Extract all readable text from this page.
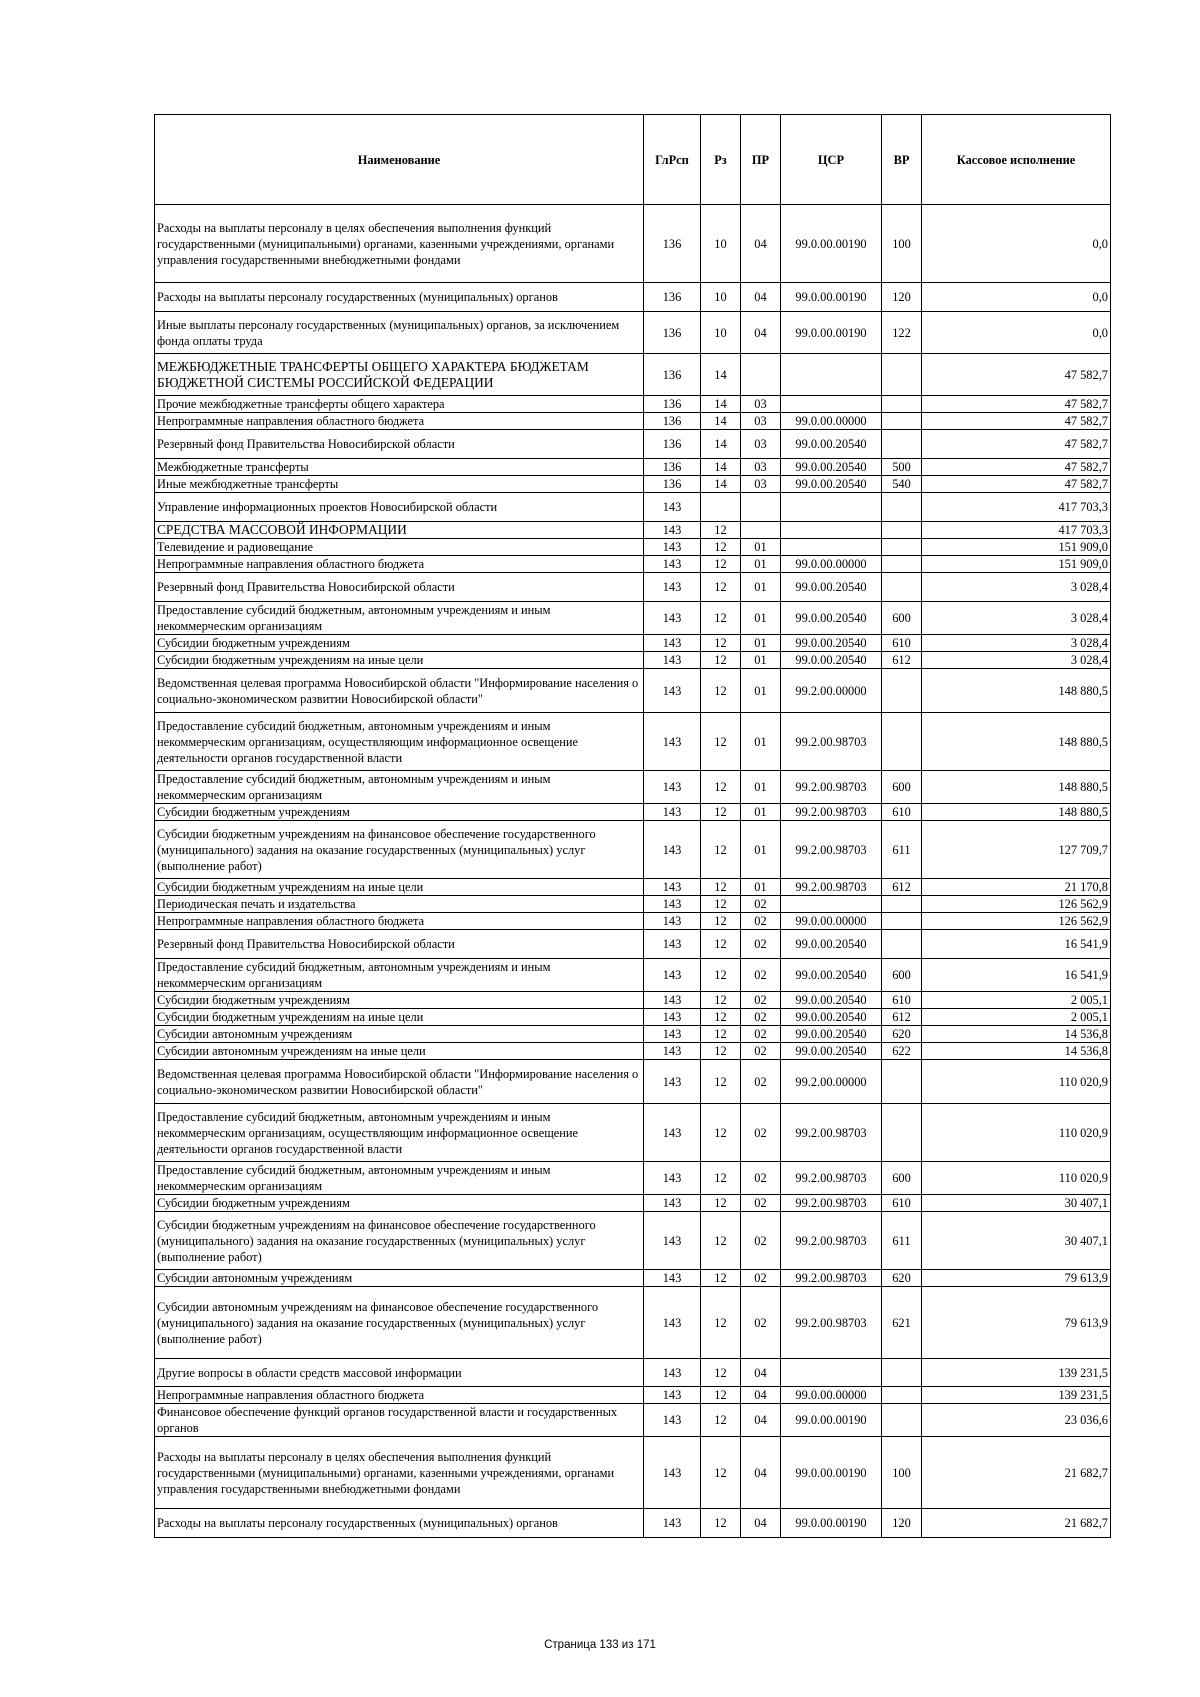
Наименование	ГлРсп	Рз	ПР	ЦСР	ВР	Кассовое исполнение
Расходы на выплаты персоналу в целях обеспечения выполнения функций государственными (муниципальными) органами, казенными учреждениями, органами управления государственными внебюджетными фондами	136	10	04	99.0.00.00190	100	0,0
Расходы на выплаты персоналу государственных (муниципальных) органов	136	10	04	99.0.00.00190	120	0,0
Иные выплаты персоналу государственных (муниципальных) органов, за исключением фонда оплаты труда	136	10	04	99.0.00.00190	122	0,0
МЕЖБЮДЖЕТНЫЕ ТРАНСФЕРТЫ ОБЩЕГО ХАРАКТЕРА БЮДЖЕТАМ БЮДЖЕТНОЙ СИСТЕМЫ РОССИЙСКОЙ ФЕДЕРАЦИИ	136	14				47 582,7
Прочие межбюджетные трансферты общего характера	136	14	03			47 582,7
Непрограммные направления областного бюджета	136	14	03	99.0.00.00000		47 582,7
Резервный фонд Правительства Новосибирской области	136	14	03	99.0.00.20540		47 582,7
Межбюджетные трансферты	136	14	03	99.0.00.20540	500	47 582,7
Иные межбюджетные трансферты	136	14	03	99.0.00.20540	540	47 582,7
Управление информационных проектов Новосибирской области	143					417 703,3
СРЕДСТВА МАССОВОЙ ИНФОРМАЦИИ	143	12				417 703,3
Телевидение и радиовещание	143	12	01			151 909,0
Непрограммные направления областного бюджета	143	12	01	99.0.00.00000		151 909,0
Резервный фонд Правительства Новосибирской области	143	12	01	99.0.00.20540		3 028,4
Предоставление субсидий бюджетным, автономным учреждениям и иным некоммерческим организациям	143	12	01	99.0.00.20540	600	3 028,4
Субсидии бюджетным учреждениям	143	12	01	99.0.00.20540	610	3 028,4
Субсидии бюджетным учреждениям на иные цели	143	12	01	99.0.00.20540	612	3 028,4
Ведомственная целевая программа Новосибирской области "Информирование населения о социально-экономическом развитии Новосибирской области"	143	12	01	99.2.00.00000		148 880,5
Предоставление субсидий бюджетным, автономным учреждениям и иным некоммерческим организациям, осуществляющим информационное освещение деятельности органов государственной власти	143	12	01	99.2.00.98703		148 880,5
Предоставление субсидий бюджетным, автономным учреждениям и иным некоммерческим организациям	143	12	01	99.2.00.98703	600	148 880,5
Субсидии бюджетным учреждениям	143	12	01	99.2.00.98703	610	148 880,5
Субсидии бюджетным учреждениям на финансовое обеспечение государственного (муниципального) задания на оказание государственных (муниципальных) услуг (выполнение работ)	143	12	01	99.2.00.98703	611	127 709,7
Субсидии бюджетным учреждениям на иные цели	143	12	01	99.2.00.98703	612	21 170,8
Периодическая печать и издательства	143	12	02			126 562,9
Непрограммные направления областного бюджета	143	12	02	99.0.00.00000		126 562,9
Резервный фонд Правительства Новосибирской области	143	12	02	99.0.00.20540		16 541,9
Предоставление субсидий бюджетным, автономным учреждениям и иным некоммерческим организациям	143	12	02	99.0.00.20540	600	16 541,9
Субсидии бюджетным учреждениям	143	12	02	99.0.00.20540	610	2 005,1
Субсидии бюджетным учреждениям на иные цели	143	12	02	99.0.00.20540	612	2 005,1
Субсидии автономным учреждениям	143	12	02	99.0.00.20540	620	14 536,8
Субсидии автономным учреждениям на иные цели	143	12	02	99.0.00.20540	622	14 536,8
Ведомственная целевая программа Новосибирской области "Информирование населения о социально-экономическом развитии Новосибирской области"	143	12	02	99.2.00.00000		110 020,9
Предоставление субсидий бюджетным, автономным учреждениям и иным некоммерческим организациям, осуществляющим информационное освещение деятельности органов государственной власти	143	12	02	99.2.00.98703		110 020,9
Предоставление субсидий бюджетным, автономным учреждениям и иным некоммерческим организациям	143	12	02	99.2.00.98703	600	110 020,9
Субсидии бюджетным учреждениям	143	12	02	99.2.00.98703	610	30 407,1
Субсидии бюджетным учреждениям на финансовое обеспечение государственного (муниципального) задания на оказание государственных (муниципальных) услуг (выполнение работ)	143	12	02	99.2.00.98703	611	30 407,1
Субсидии автономным учреждениям	143	12	02	99.2.00.98703	620	79 613,9
Субсидии автономным учреждениям на финансовое обеспечение государственного (муниципального) задания на оказание государственных (муниципальных) услуг (выполнение работ)	143	12	02	99.2.00.98703	621	79 613,9
Другие вопросы в области средств массовой информации	143	12	04			139 231,5
Непрограммные направления областного бюджета	143	12	04	99.0.00.00000		139 231,5
Финансовое обеспечение функций органов государственной власти и государственных органов	143	12	04	99.0.00.00190		23 036,6
Расходы на выплаты персоналу в целях обеспечения выполнения функций государственными (муниципальными) органами, казенными учреждениями, органами управления государственными внебюджетными фондами	143	12	04	99.0.00.00190	100	21 682,7
Расходы на выплаты персоналу государственных (муниципальных) органов	143	12	04	99.0.00.00190	120	21 682,7
Страница 133 из 171
